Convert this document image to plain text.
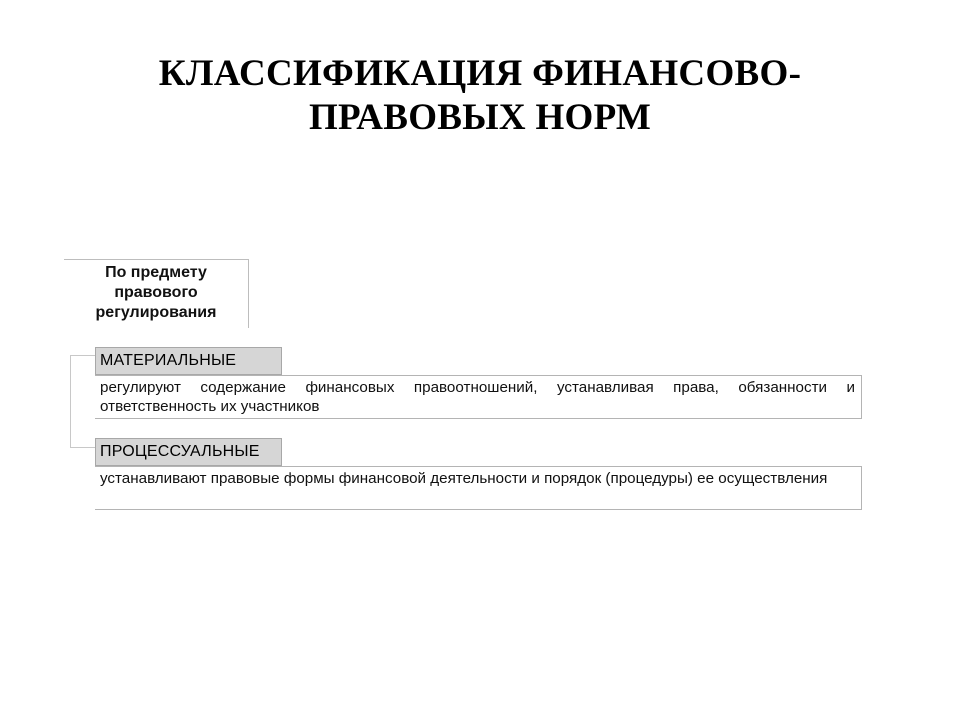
КЛАССИФИКАЦИЯ ФИНАНСОВО-
ПРАВОВЫХ НОРМ
По предмету
правового
регулирования
МАТЕРИАЛЬНЫЕ
регулируют содержание финансовых правоотношений, устанавливая права, обязанности и ответственность их участников
ПРОЦЕССУАЛЬНЫЕ
устанавливают правовые формы финансовой деятельности и порядок (процедуры) ее осуществления
